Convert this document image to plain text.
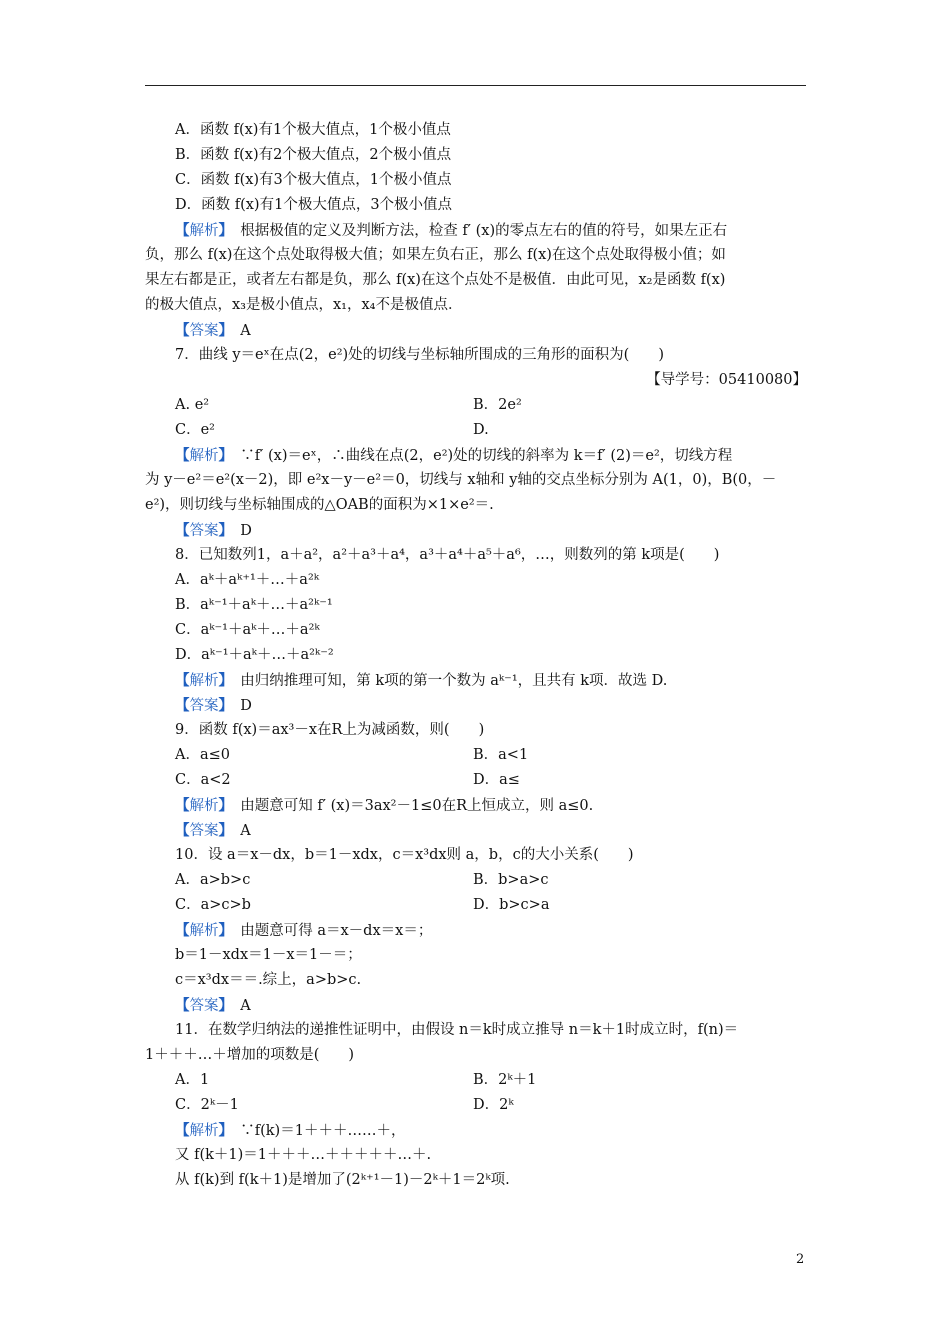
A．函数 f(x)有1个极大值点，1个极小值点
B．函数 f(x)有2个极大值点，2个极小值点
C．函数 f(x)有3个极大值点，1个极小值点
D．函数 f(x)有1个极大值点，3个极小值点
【解析】　 根据极值的定义及判断方法，检查 f′ (x)的零点左右的值的符号，如果左正右
负，那么 f(x)在这个点处取得极大值；如果左负右正，那么 f(x)在这个点处取得极小值；如
果左右都是正，或者左右都是负，那么 f(x)在这个点处不是极值．由此可见，x₂是函数 f(x)
的极大值点，x₃是极小值点，x₁，x₄不是极值点．
【答案】　 A
7．曲线 y＝eˣ在点(2，e²)处的切线与坐标轴所围成的三角形的面积为(　　)
【导学号：05410080】
A. e²	B．2e²
C．e²	D.
【解析】　 ∵f′ (x)＝eˣ，∴曲线在点(2，e²)处的切线的斜率为 k＝f′ (2)＝e²，切线方程
为 y－e²＝e²(x－2)，即 e²x－y－e²＝0，切线与 x轴和 y轴的交点坐标分别为 A(1，0)，B(0，－
e²)，则切线与坐标轴围成的△OAB的面积为×1×e²＝.
【答案】　 D
8．已知数列1，a＋a²，a²＋a³＋a⁴，a³＋a⁴＋a⁵＋a⁶，…，则数列的第 k项是(　　)
A．aᵏ＋aᵏ⁺¹＋…＋a²ᵏ
B．aᵏ⁻¹＋aᵏ＋…＋a²ᵏ⁻¹
C．aᵏ⁻¹＋aᵏ＋…＋a²ᵏ
D．aᵏ⁻¹＋aᵏ＋…＋a²ᵏ⁻²
【解析】　 由归纳推理可知，第 k项的第一个数为 aᵏ⁻¹，且共有 k项．故选 D.
【答案】　 D
9．函数 f(x)＝ax³－x在R上为减函数，则(　　)
A．a≤0	B．a<1
C．a<2	D．a≤
【解析】　 由题意可知 f′ (x)＝3ax²－1≤0在R上恒成立，则 a≤0.
【答案】　 A
10．设 a＝x－dx，b＝1－xdx，c＝x³dx则 a，b，c的大小关系(　　)
A．a>b>c	B．b>a>c
C．a>c>b	D．b>c>a
【解析】　 由题意可得 a＝x－dx＝x＝；
b＝1－xdx＝1－x＝1－＝；
c＝x³dx＝＝.综上，a>b>c.
【答案】　 A
11．在数学归纳法的递推性证明中，由假设 n＝k时成立推导 n＝k＋1时成立时，f(n)＝
1＋＋＋…＋增加的项数是(　　)
A．1	B．2ᵏ＋1
C．2ᵏ－1	D．2ᵏ
【解析】　 ∵f(k)＝1＋＋＋……＋，
又 f(k＋1)＝1＋＋＋…＋＋＋＋＋…＋.
从 f(k)到 f(k＋1)是增加了(2ᵏ⁺¹－1)－2ᵏ＋1＝2ᵏ项.
2
